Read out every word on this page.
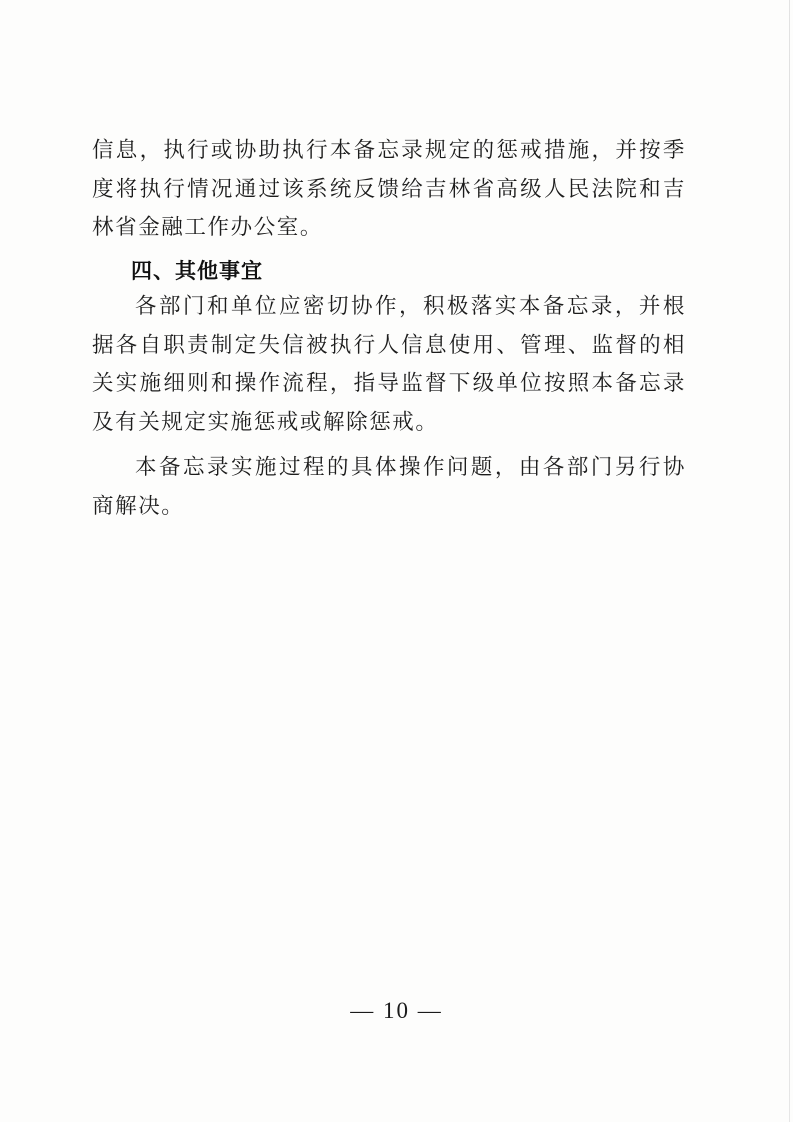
信息，执行或协助执行本备忘录规定的惩戒措施，并按季度将执行情况通过该系统反馈给吉林省高级人民法院和吉林省金融工作办公室。

四、其他事宜

各部门和单位应密切协作，积极落实本备忘录，并根据各自职责制定失信被执行人信息使用、管理、监督的相关实施细则和操作流程，指导监督下级单位按照本备忘录及有关规定实施惩戒或解除惩戒。

本备忘录实施过程的具体操作问题，由各部门另行协商解决。

— 10 —
